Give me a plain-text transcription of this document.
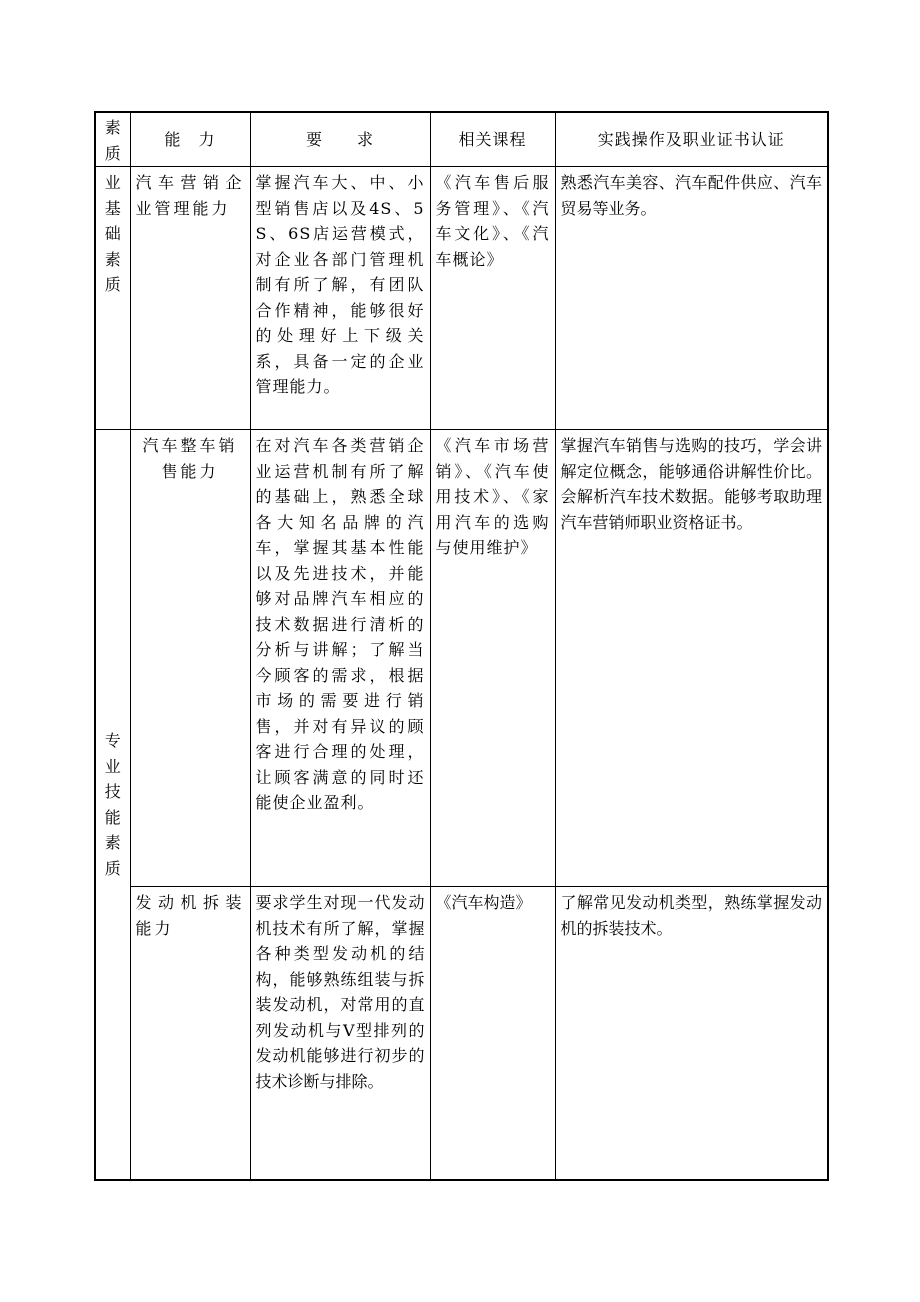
素质	能　力	要　　求	相关课程	实践操作及职业证书认证

业基础素质	汽车营销企业管理能力	掌握汽车大、中、小型销售店以及4S、5S、6S店运营模式，对企业各部门管理机制有所了解，有团队合作精神，能够很好的处理好上下级关系，具备一定的企业管理能力。	《汽车售后服务管理》、《汽车文化》、《汽车概论》	熟悉汽车美容、汽车配件供应、汽车贸易等业务。

专业技能素质	汽车整车销售能力	在对汽车各类营销企业运营机制有所了解的基础上，熟悉全球各大知名品牌的汽车，掌握其基本性能以及先进技术，并能够对品牌汽车相应的技术数据进行清析的分析与讲解；了解当今顾客的需求，根据市场的需要进行销售，并对有异议的顾客进行合理的处理，让顾客满意的同时还能使企业盈利。	《汽车市场营销》、《汽车使用技术》、《家用汽车的选购与使用维护》	掌握汽车销售与选购的技巧，学会讲解定位概念，能够通俗讲解性价比。会解析汽车技术数据。能够考取助理汽车营销师职业资格证书。
	发动机拆装能力	要求学生对现一代发动机技术有所了解，掌握各种类型发动机的结构，能够熟练组装与拆装发动机，对常用的直列发动机与V型排列的发动机能够进行初步的技术诊断与排除。	《汽车构造》	了解常见发动机类型，熟练掌握发动机的拆装技术。
